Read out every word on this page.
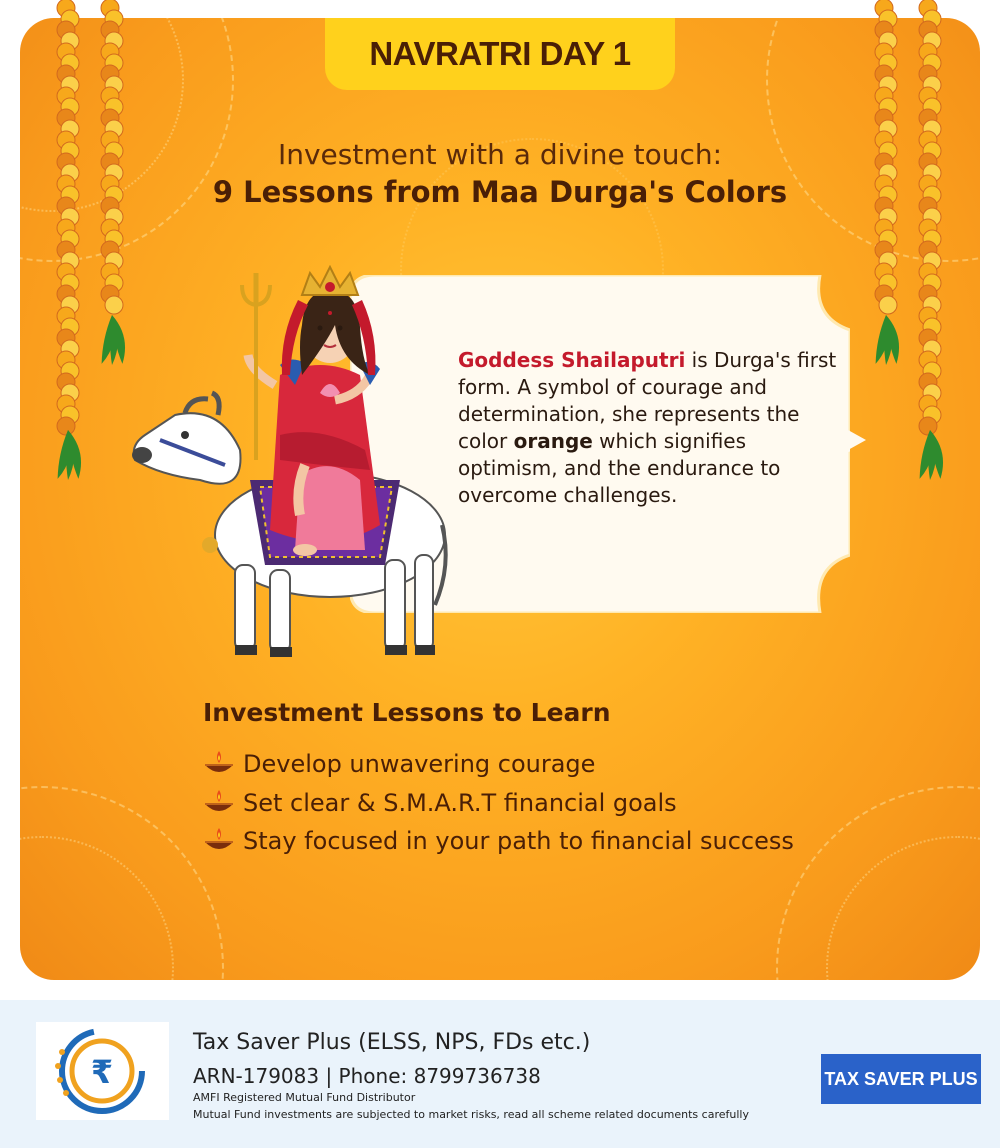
NAVRATRI DAY 1
Investment with a divine touch:
9 Lessons from Maa Durga's Colors
Goddess Shailaputri is Durga's first form. A symbol of courage and determination, she represents the color orange which signifies optimism, and the endurance to overcome challenges.
Investment Lessons to Learn
Develop unwavering courage
Set clear & S.M.A.R.T financial goals
Stay focused in your path to financial success
₹
Tax Saver Plus (ELSS, NPS, FDs etc.)
ARN-179083 | Phone: 8799736738
AMFI Registered Mutual Fund Distributor
Mutual Fund investments are subjected to market risks, read all scheme related documents carefully
TAX SAVER PLUS
